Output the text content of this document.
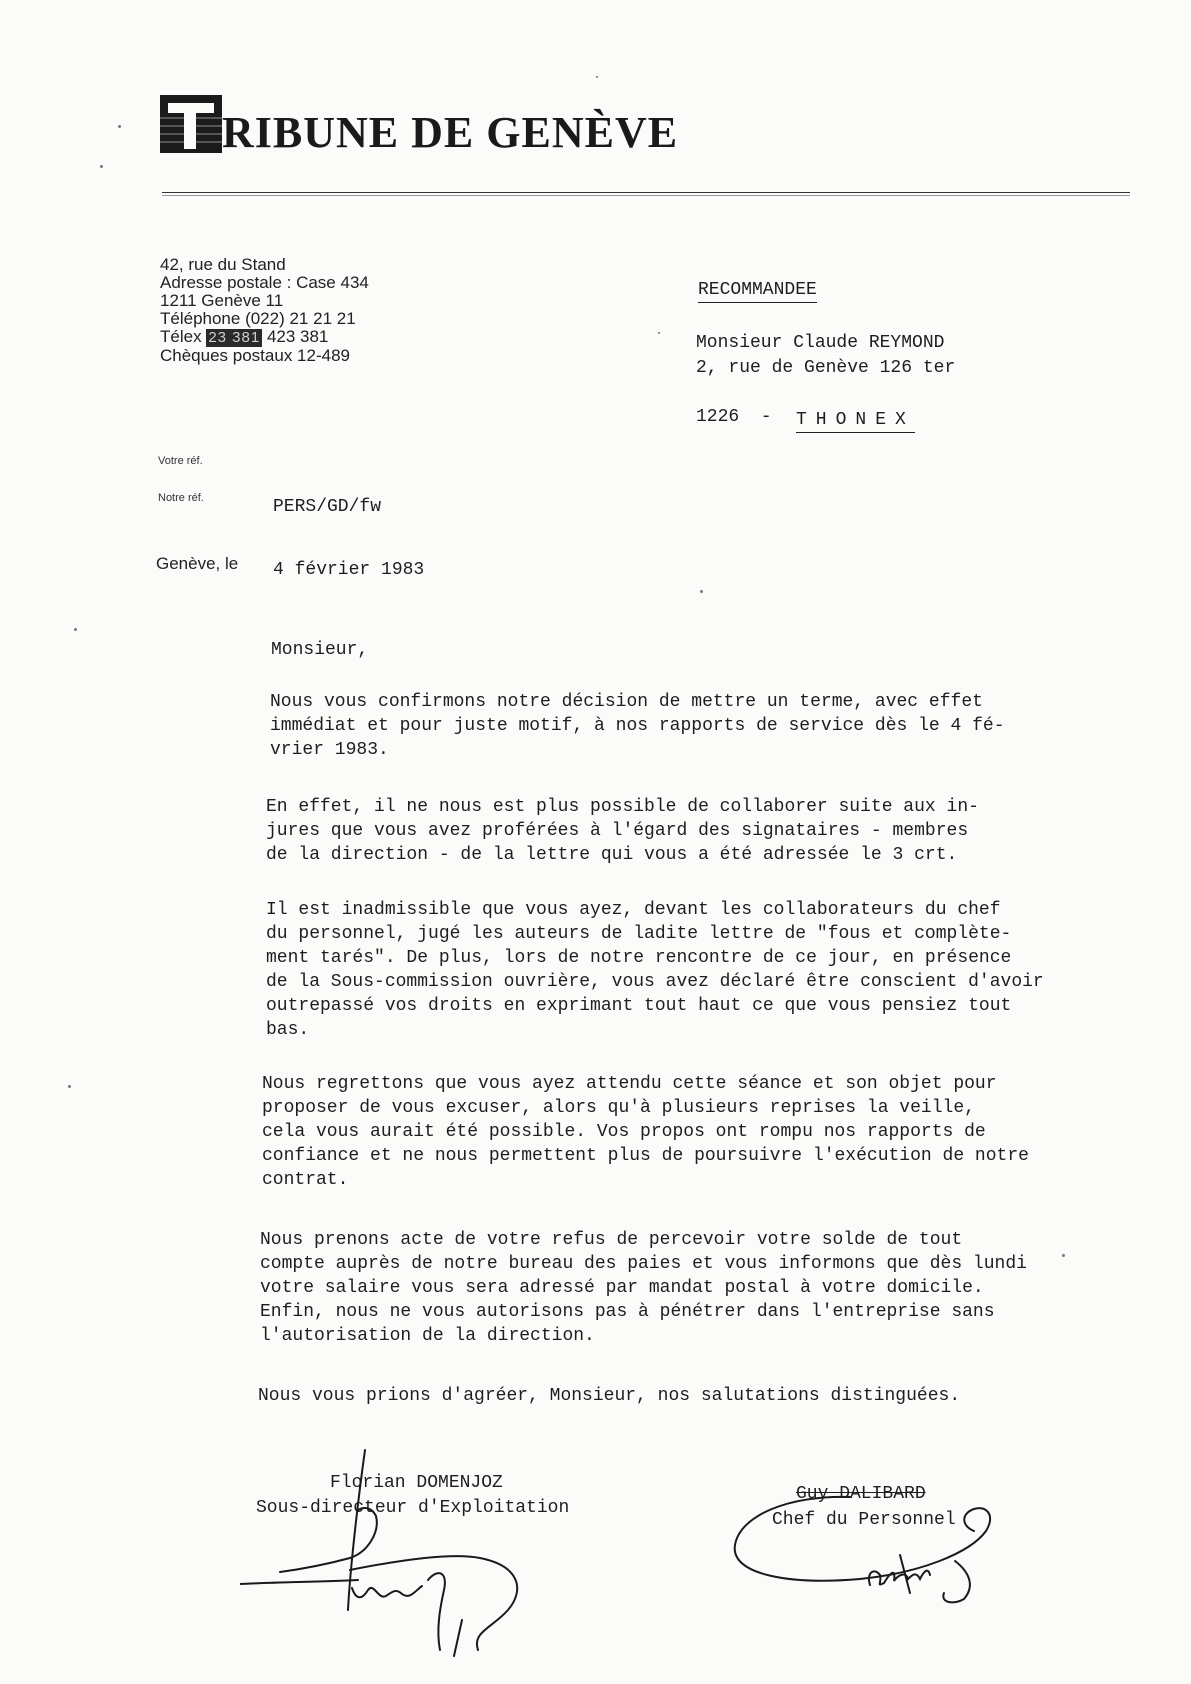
RIBUNE DE GENÈVE
42, rue du Stand
Adresse postale : Case 434
1211 Genève 11
Téléphone (022) 21 21 21
Télex 23 381 423 381
Chèques postaux 12-489
RECOMMANDEE
Monsieur Claude REYMOND
2, rue de Genève 126 ter
1226  - THONEX
Votre réf.
Notre réf.	PERS/GD/fw
Genève, le 4 février 1983
Monsieur,
Nous vous confirmons notre décision de mettre un terme, avec effet
immédiat et pour juste motif, à nos rapports de service dès le 4 fé-
vrier 1983.
En effet, il ne nous est plus possible de collaborer suite aux in-
jures que vous avez proférées à l'égard des signataires - membres
de la direction - de la lettre qui vous a été adressée le 3 crt.
Il est inadmissible que vous ayez, devant les collaborateurs du chef
du personnel, jugé les auteurs de ladite lettre de "fous et complète-
ment tarés". De plus, lors de notre rencontre de ce jour, en présence
de la Sous-commission ouvrière, vous avez déclaré être conscient d'avoir
outrepassé vos droits en exprimant tout haut ce que vous pensiez tout
bas.
Nous regrettons que vous ayez attendu cette séance et son objet pour
proposer de vous excuser, alors qu'à plusieurs reprises la veille,
cela vous aurait été possible. Vos propos ont rompu nos rapports de
confiance et ne nous permettent plus de poursuivre l'exécution de notre
contrat.
Nous prenons acte de votre refus de percevoir votre solde de tout
compte auprès de notre bureau des paies et vous informons que dès lundi
votre salaire vous sera adressé par mandat postal à votre domicile.
Enfin, nous ne vous autorisons pas à pénétrer dans l'entreprise sans
l'autorisation de la direction.
Nous vous prions d'agréer, Monsieur, nos salutations distinguées.
Florian DOMENJOZ
Sous-directeur d'Exploitation
Guy DALIBARD
Chef du Personnel
